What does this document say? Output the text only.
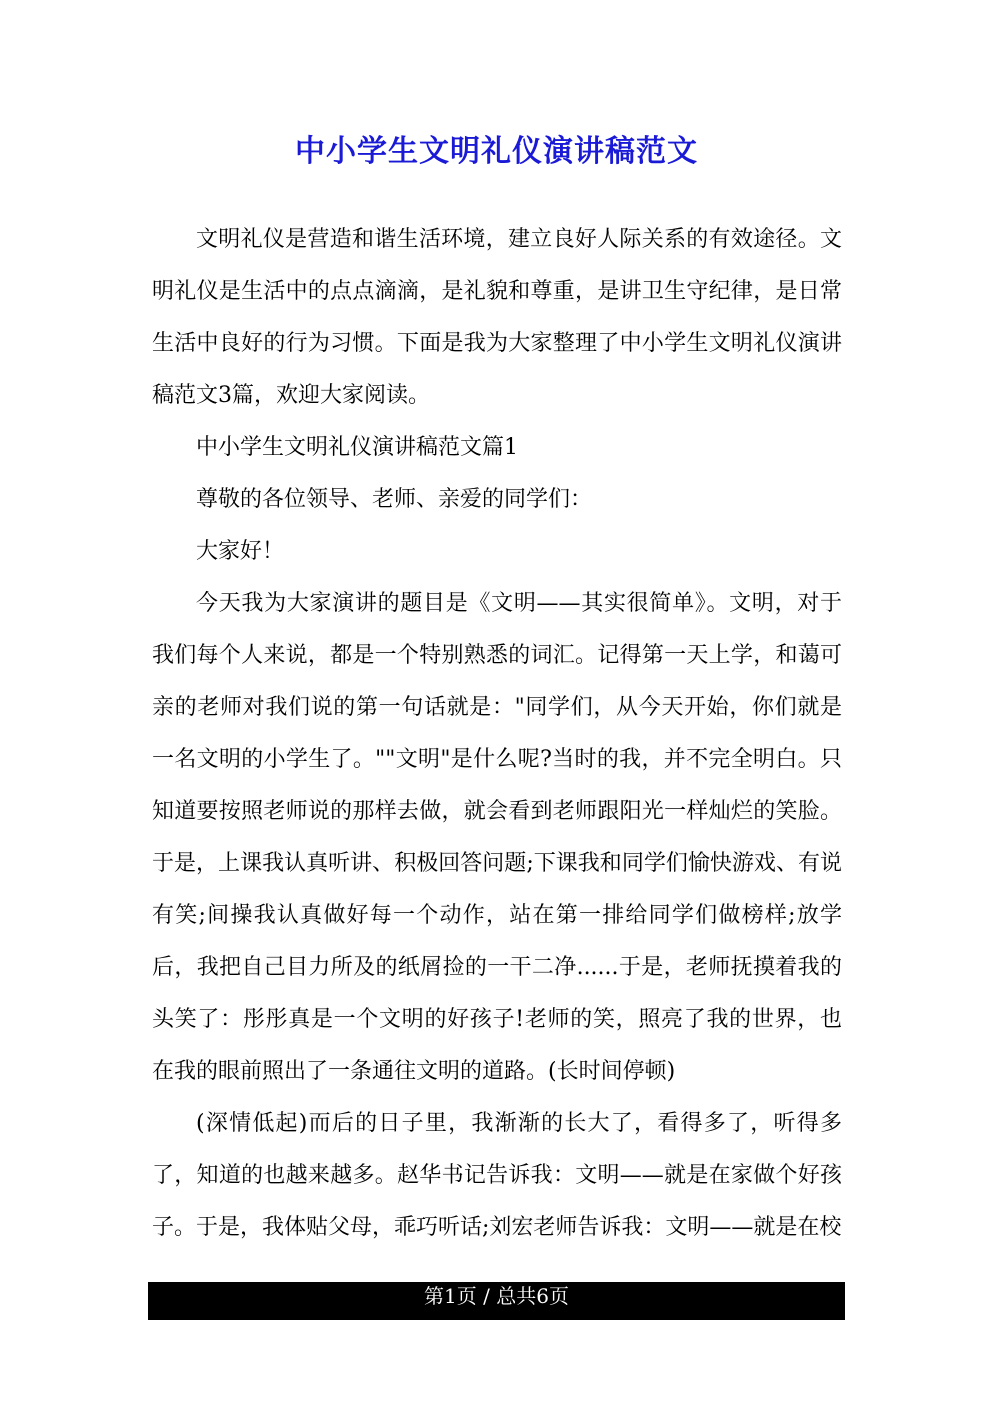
中小学生文明礼仪演讲稿范文

文明礼仪是营造和谐生活环境，建立良好人际关系的有效途径。文明礼仪是生活中的点点滴滴，是礼貌和尊重，是讲卫生守纪律，是日常生活中良好的行为习惯。下面是我为大家整理了中小学生文明礼仪演讲稿范文3篇，欢迎大家阅读。

中小学生文明礼仪演讲稿范文篇1

尊敬的各位领导、老师、亲爱的同学们：

大家好！

今天我为大家演讲的题目是《文明——其实很简单》。文明，对于我们每个人来说，都是一个特别熟悉的词汇。记得第一天上学，和蔼可亲的老师对我们说的第一句话就是："同学们，从今天开始，你们就是一名文明的小学生了。""文明"是什么呢?当时的我，并不完全明白。只知道要按照老师说的那样去做，就会看到老师跟阳光一样灿烂的笑脸。于是，上课我认真听讲、积极回答问题;下课我和同学们愉快游戏、有说有笑;间操我认真做好每一个动作，站在第一排给同学们做榜样;放学后，我把自己目力所及的纸屑捡的一干二净......于是，老师抚摸着我的头笑了：彤彤真是一个文明的好孩子!老师的笑，照亮了我的世界，也在我的眼前照出了一条通往文明的道路。(长时间停顿)

(深情低起)而后的日子里，我渐渐的长大了，看得多了，听得多了，知道的也越来越多。赵华书记告诉我：文明——就是在家做个好孩子。于是，我体贴父母，乖巧听话;刘宏老师告诉我：文明——就是在校

第1页 / 总共6页
